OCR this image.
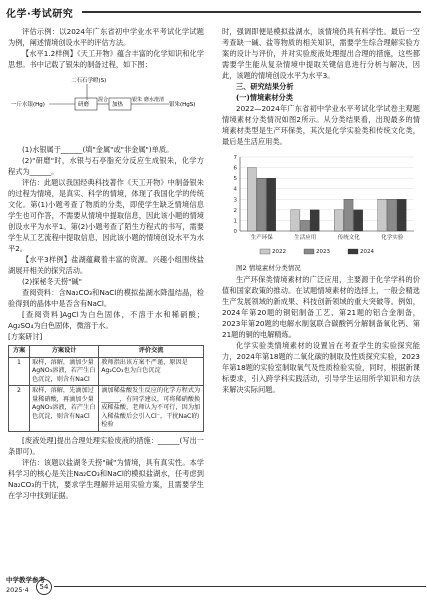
化学·考试研究

评估示例：以2024年广东省初中学业水平考试化学试题为例，阐述情境创设水平的评估方法。

【水平1.2样例】《天工开物》蕴含丰富的化学知识和化学思想。书中记载了银朱的制备过程，如下图：

二石石学瞪(S)
一斤水银(Hg)	研磨
混合
加热
银朱 磨水澄清
银朱(HgS)

(1)水银属于______(填"金属"或"非金属")单质。

(2)"研磨"时，水银与石亭脂充分反应生成银朱，化学方程式为______。

评估：此题以我国经典科技著作《天工开物》中制备银朱的过程为情境，是真实、科学的情境，体现了我国化学的传统文化。第(1)小题考查了物质的分类，即使学生缺乏情境信息学生也可作答，不需要从情境中提取信息，因此该小题的情境创设水平为水平1。第(2)小题考查了陌生方程式的书写，需要学生从工艺流程中提取信息，因此该小题的情境创设水平为水平2。

【水平3样例】盐湖蕴藏着丰富的资源。兴趣小组围绕盐湖展开相关的探究活动。

(2)探秘冬天捞"碱"

查阅资料：含Na₂CO₃和NaCl的模拟盐湖水降温结晶，检验得到的晶体中是否含有NaCl。

[查阅资料]AgCl为白色固体，不溶于水和稀硝酸；Ag₂SO₄为白色固体，微溶于水。

[方案研讨]

方案	方案设计	评价交流
1	取样，溶解，滴加少量AgNO₃溶液，若产生白色沉淀，则含有NaCl	教师指出该方案不严谨，原因是Ag₂CO₃也为白色沉淀
2	取样，溶解，先滴加过量稀硝酸，再滴加少量AgNO₃溶液，若产生白色沉淀，则含有NaCl	滴加稀盐酸发生反应的化学方程式为______，有同学建议，可将稀硝酸换成稀盐酸，老师认为不可行，因为加入稀盐酸后会引入Cl⁻，干扰NaCl的检验

[废液处理]提出合理处理实验废液的措施：______(写出一条即可)。

评估：该题以盐湖冬天捞"碱"为情境，具有真实性。本学科学习的核心是关注Na₂CO₃和NaCl的模拟盐湖水，任考虑到Na₂CO₃的干扰，要求学生理解并运用实验方案，且需要学生在学习中找到证据。

时，强调即便是模拟盐湖水，该情境仍具有科学性。最后一空考查缺一碱、盐等物质的相关知识，需要学生综合理解实验方案的设计与评价，并对实验废液处理提出合理的措施，这些都需要学生能从复杂情境中提取关键信息进行分析与解决，因此，该题的情境创设水平为水平3。

三、研究结果分析

(一)情境素材分类

2022—2024年广东省初中学业水平考试化学试卷主观题情境素材分类情况如图2所示。从分类结果看，出现最多的情境素材类型是生产环保类，其次是化学实验类和传统文化类，最后是生活应用类。

0
1
2
3
4
5
6
7
生产环保	生活应用	传统文化	化学实验
2022	2023	2024

图2 情境素材分类情况

生产环保类情境素材的广泛应用，主要源于化学学科的价值和国家政策的推动。在试题情境素材的选择上，一般会精选生产发展领域的新成果、科技创新领域的重大突破等。例如，2024年第20题的铜铝制备工艺、第21题的铝合金制备，2023年第20题的电解水制氢联合碳酸钙分解制备氧化钙、第21题的铜的电解精炼。

化学实验类情境素材的设置旨在考查学生的实验探究能力，2024年第18题的二氧化碳的制取及性质探究实验，2023年第18题的实验室制取氧气及性质检验实验，同时，根据新课标要求，引入跨学科实践活动，引导学生运用所学知识和方法来解决实际问题。

中学教学参考
2025·4	54
